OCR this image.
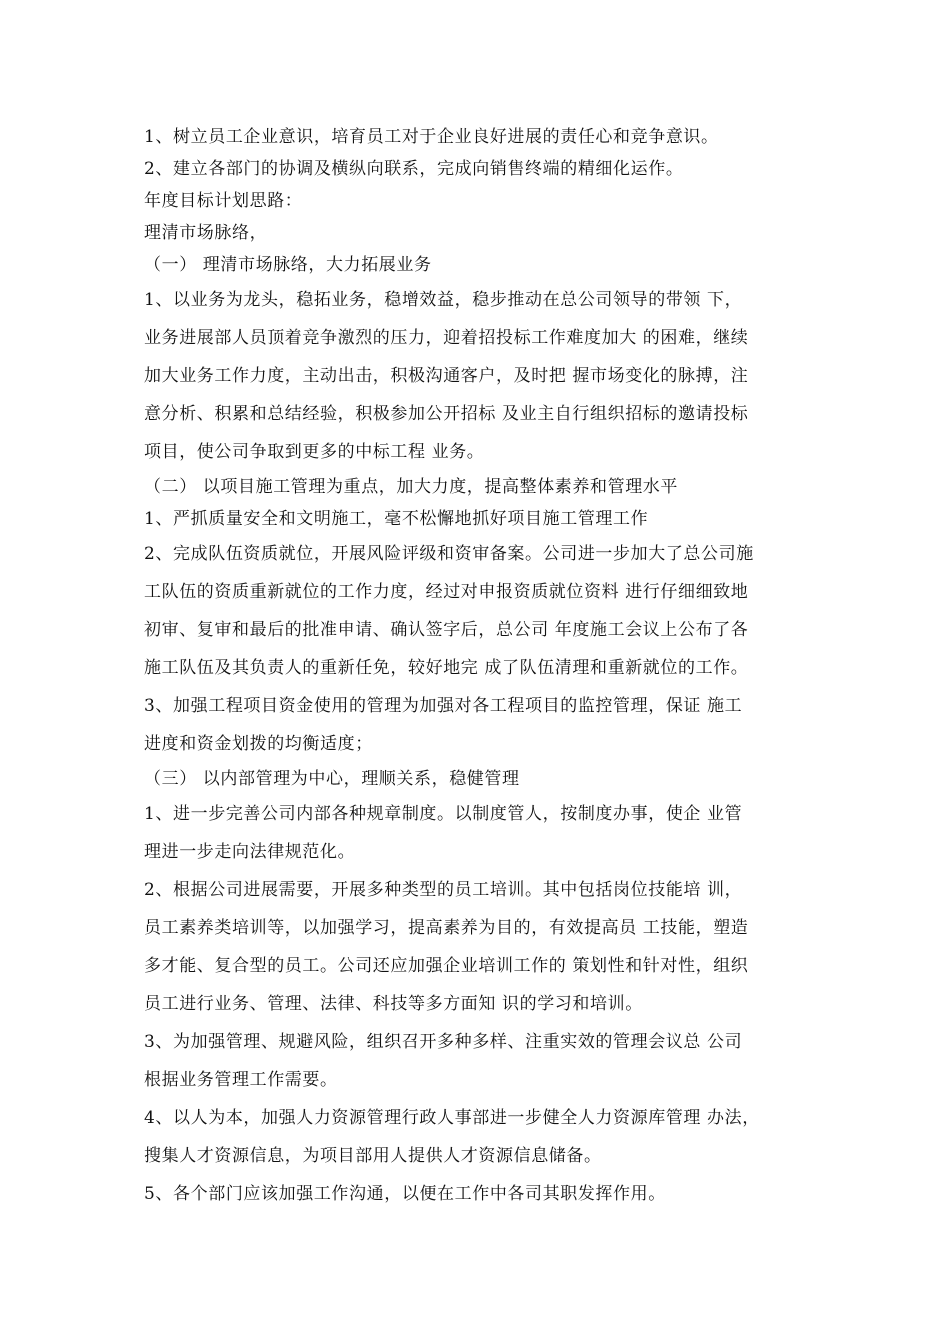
1、树立员工企业意识，培育员工对于企业良好进展的责任心和竞争意识。
2、建立各部门的协调及横纵向联系，完成向销售终端的精细化运作。
年度目标计划思路：
理清市场脉络，
（一） 理清市场脉络，大力拓展业务
1、以业务为龙头，稳拓业务，稳增效益，稳步推动在总公司领导的带领 下，
业务进展部人员顶着竞争激烈的压力，迎着招投标工作难度加大 的困难，继续
加大业务工作力度，主动出击，积极沟通客户，及时把 握市场变化的脉搏，注
意分析、积累和总结经验，积极参加公开招标 及业主自行组织招标的邀请投标
项目，使公司争取到更多的中标工程 业务。
（二） 以项目施工管理为重点，加大力度，提高整体素养和管理水平
1、严抓质量安全和文明施工，毫不松懈地抓好项目施工管理工作
2、完成队伍资质就位，开展风险评级和资审备案。公司进一步加大了总公司施
工队伍的资质重新就位的工作力度，经过对申报资质就位资料 进行仔细细致地
初审、复审和最后的批准申请、确认签字后，总公司 年度施工会议上公布了各
施工队伍及其负责人的重新任免，较好地完 成了队伍清理和重新就位的工作。
3、加强工程项目资金使用的管理为加强对各工程项目的监控管理，保证 施工
进度和资金划拨的均衡适度；
（三） 以内部管理为中心，理顺关系，稳健管理
1、进一步完善公司内部各种规章制度。以制度管人，按制度办事，使企 业管
理进一步走向法律规范化。
2、根据公司进展需要，开展多种类型的员工培训。其中包括岗位技能培 训，
员工素养类培训等，以加强学习，提高素养为目的，有效提高员 工技能，塑造
多才能、复合型的员工。公司还应加强企业培训工作的 策划性和针对性，组织
员工进行业务、管理、法律、科技等多方面知 识的学习和培训。
3、为加强管理、规避风险，组织召开多种多样、注重实效的管理会议总 公司
根据业务管理工作需要。
4、以人为本，加强人力资源管理行政人事部进一步健全人力资源库管理 办法，
搜集人才资源信息，为项目部用人提供人才资源信息储备。
5、各个部门应该加强工作沟通，以便在工作中各司其职发挥作用。
